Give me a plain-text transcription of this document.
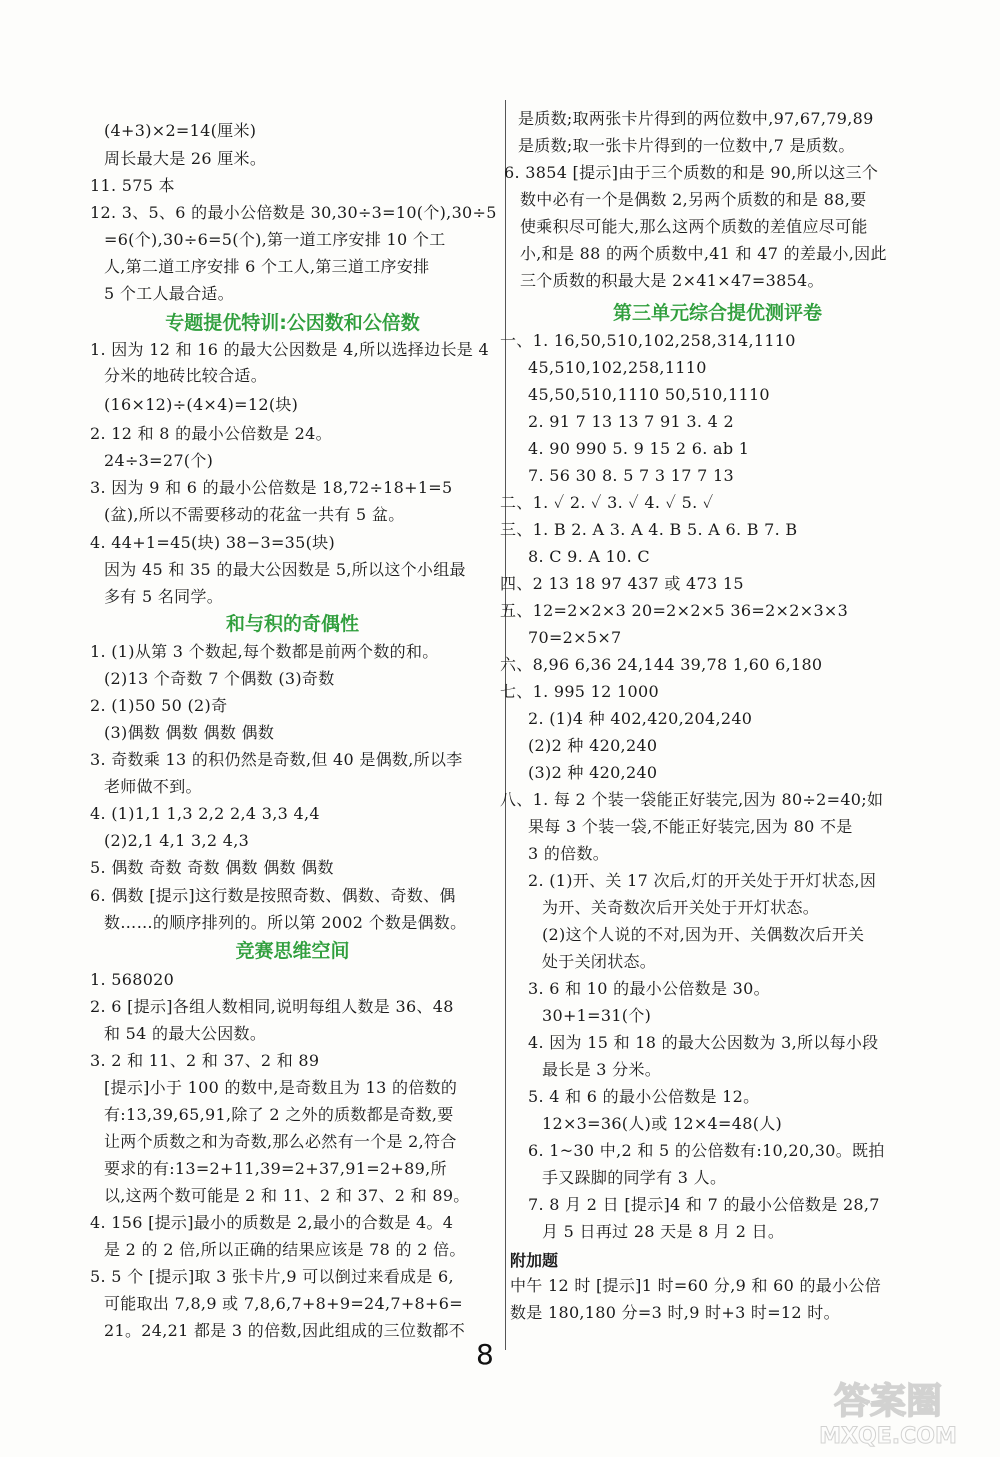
(4+3)×2=14(厘米)
周长最大是 26 厘米。
11. 575 本
12. 3、5、6 的最小公倍数是 30,30÷3=10(个),30÷5
=6(个),30÷6=5(个),第一道工序安排 10 个工
人,第二道工序安排 6 个工人,第三道工序安排
5 个工人最合适。
专题提优特训:公因数和公倍数
1. 因为 12 和 16 的最大公因数是 4,所以选择边长是 4
分米的地砖比较合适。
(16×12)÷(4×4)=12(块)
2. 12 和 8 的最小公倍数是 24。
24÷3=27(个)
3. 因为 9 和 6 的最小公倍数是 18,72÷18+1=5
(盆),所以不需要移动的花盆一共有 5 盆。
4. 44+1=45(块) 38−3=35(块)
因为 45 和 35 的最大公因数是 5,所以这个小组最
多有 5 名同学。
和与积的奇偶性
1. (1)从第 3 个数起,每个数都是前两个数的和。
(2)13 个奇数 7 个偶数 (3)奇数
2. (1)50 50 (2)奇
(3)偶数 偶数 偶数 偶数
3. 奇数乘 13 的积仍然是奇数,但 40 是偶数,所以李
老师做不到。
4. (1)1,1 1,3 2,2 2,4 3,3 4,4
(2)2,1 4,1 3,2 4,3
5. 偶数 奇数 奇数 偶数 偶数 偶数
6. 偶数 [提示]这行数是按照奇数、偶数、奇数、偶
数……的顺序排列的。所以第 2002 个数是偶数。
竞赛思维空间
1. 568020
2. 6 [提示]各组人数相同,说明每组人数是 36、48
和 54 的最大公因数。
3. 2 和 11、2 和 37、2 和 89
[提示]小于 100 的数中,是奇数且为 13 的倍数的
有:13,39,65,91,除了 2 之外的质数都是奇数,要
让两个质数之和为奇数,那么必然有一个是 2,符合
要求的有:13=2+11,39=2+37,91=2+89,所
以,这两个数可能是 2 和 11、2 和 37、2 和 89。
4. 156 [提示]最小的质数是 2,最小的合数是 4。4
是 2 的 2 倍,所以正确的结果应该是 78 的 2 倍。
5. 5 个 [提示]取 3 张卡片,9 可以倒过来看成是 6,
可能取出 7,8,9 或 7,8,6,7+8+9=24,7+8+6=
21。24,21 都是 3 的倍数,因此组成的三位数都不
是质数;取两张卡片得到的两位数中,97,67,79,89
是质数;取一张卡片得到的一位数中,7 是质数。
6. 3854 [提示]由于三个质数的和是 90,所以这三个
数中必有一个是偶数 2,另两个质数的和是 88,要
使乘积尽可能大,那么这两个质数的差值应尽可能
小,和是 88 的两个质数中,41 和 47 的差最小,因此
三个质数的积最大是 2×41×47=3854。
第三单元综合提优测评卷
一、1. 16,50,510,102,258,314,1110
45,510,102,258,1110
45,50,510,1110 50,510,1110
2. 91 7 13 13 7 91 3. 4 2
4. 90 990 5. 9 15 2 6. ab 1
7. 56 30 8. 5 7 3 17 7 13
二、1. ✓ 2. ✓ 3. ✓ 4. ✓ 5. ✓
三、1. B 2. A 3. A 4. B 5. A 6. B 7. B
8. C 9. A 10. C
四、2 13 18 97 437 或 473 15
五、12=2×2×3 20=2×2×5 36=2×2×3×3
70=2×5×7
六、8,96 6,36 24,144 39,78 1,60 6,180
七、1. 995 12 1000
2. (1)4 种 402,420,204,240
(2)2 种 420,240
(3)2 种 420,240
八、1. 每 2 个装一袋能正好装完,因为 80÷2=40;如
果每 3 个装一袋,不能正好装完,因为 80 不是
3 的倍数。
2. (1)开、关 17 次后,灯的开关处于开灯状态,因
为开、关奇数次后开关处于开灯状态。
(2)这个人说的不对,因为开、关偶数次后开关
处于关闭状态。
3. 6 和 10 的最小公倍数是 30。
30+1=31(个)
4. 因为 15 和 18 的最大公因数为 3,所以每小段
最长是 3 分米。
5. 4 和 6 的最小公倍数是 12。
12×3=36(人)或 12×4=48(人)
6. 1~30 中,2 和 5 的公倍数有:10,20,30。既拍
手又跺脚的同学有 3 人。
7. 8 月 2 日 [提示]4 和 7 的最小公倍数是 28,7
月 5 日再过 28 天是 8 月 2 日。
附加题
中午 12 时 [提示]1 时=60 分,9 和 60 的最小公倍
数是 180,180 分=3 时,9 时+3 时=12 时。
8
答案圈
MXQE.COM
